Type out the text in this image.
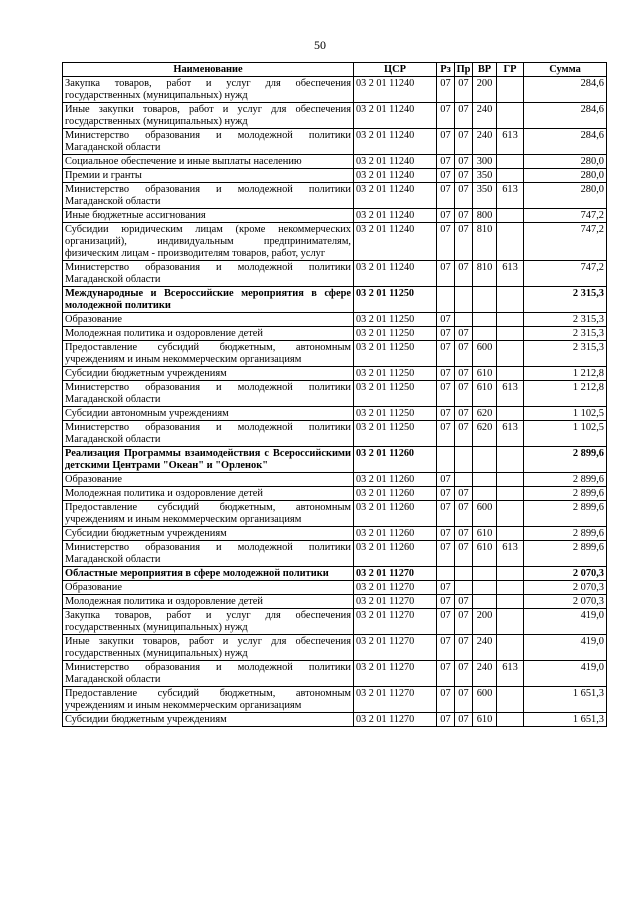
50
Наименование	ЦСР	Рз	Пр	ВР	ГР	Сумма
Закупка товаров, работ и услуг для обеспечения государственных (муниципальных) нужд	03 2 01 11240	07	07	200		284,6
Иные закупки товаров, работ и услуг для обеспечения государственных (муниципальных) нужд	03 2 01 11240	07	07	240		284,6
Министерство образования и молодежной политики Магаданской области	03 2 01 11240	07	07	240	613	284,6
Социальное обеспечение и иные выплаты населению	03 2 01 11240	07	07	300		280,0
Премии и гранты	03 2 01 11240	07	07	350		280,0
Министерство образования и молодежной политики Магаданской области	03 2 01 11240	07	07	350	613	280,0
Иные бюджетные ассигнования	03 2 01 11240	07	07	800		747,2
Субсидии юридическим лицам (кроме некоммерческих организаций), индивидуальным предпринимателям, физическим лицам - производителям товаров, работ, услуг	03 2 01 11240	07	07	810		747,2
Министерство образования и молодежной политики Магаданской области	03 2 01 11240	07	07	810	613	747,2
Международные и Всероссийские мероприятия в сфере молодежной политики	03 2 01 11250					2 315,3
Образование	03 2 01 11250	07				2 315,3
Молодежная политика и оздоровление детей	03 2 01 11250	07	07			2 315,3
Предоставление субсидий бюджетным, автономным учреждениям и иным некоммерческим организациям	03 2 01 11250	07	07	600		2 315,3
Субсидии бюджетным учреждениям	03 2 01 11250	07	07	610		1 212,8
Министерство образования и молодежной политики Магаданской области	03 2 01 11250	07	07	610	613	1 212,8
Субсидии автономным учреждениям	03 2 01 11250	07	07	620		1 102,5
Министерство образования и молодежной политики Магаданской области	03 2 01 11250	07	07	620	613	1 102,5
Реализация Программы взаимодействия с Всероссийскими детскими Центрами "Океан" и "Орленок"	03 2 01 11260					2 899,6
Образование	03 2 01 11260	07				2 899,6
Молодежная политика и оздоровление детей	03 2 01 11260	07	07			2 899,6
Предоставление субсидий бюджетным, автономным учреждениям и иным некоммерческим организациям	03 2 01 11260	07	07	600		2 899,6
Субсидии бюджетным учреждениям	03 2 01 11260	07	07	610		2 899,6
Министерство образования и молодежной политики Магаданской области	03 2 01 11260	07	07	610	613	2 899,6
Областные мероприятия в сфере молодежной политики	03 2 01 11270					2 070,3
Образование	03 2 01 11270	07				2 070,3
Молодежная политика и оздоровление детей	03 2 01 11270	07	07			2 070,3
Закупка товаров, работ и услуг для обеспечения государственных (муниципальных) нужд	03 2 01 11270	07	07	200		419,0
Иные закупки товаров, работ и услуг для обеспечения государственных (муниципальных) нужд	03 2 01 11270	07	07	240		419,0
Министерство образования и молодежной политики Магаданской области	03 2 01 11270	07	07	240	613	419,0
Предоставление субсидий бюджетным, автономным учреждениям и иным некоммерческим организациям	03 2 01 11270	07	07	600		1 651,3
Субсидии бюджетным учреждениям	03 2 01 11270	07	07	610		1 651,3
